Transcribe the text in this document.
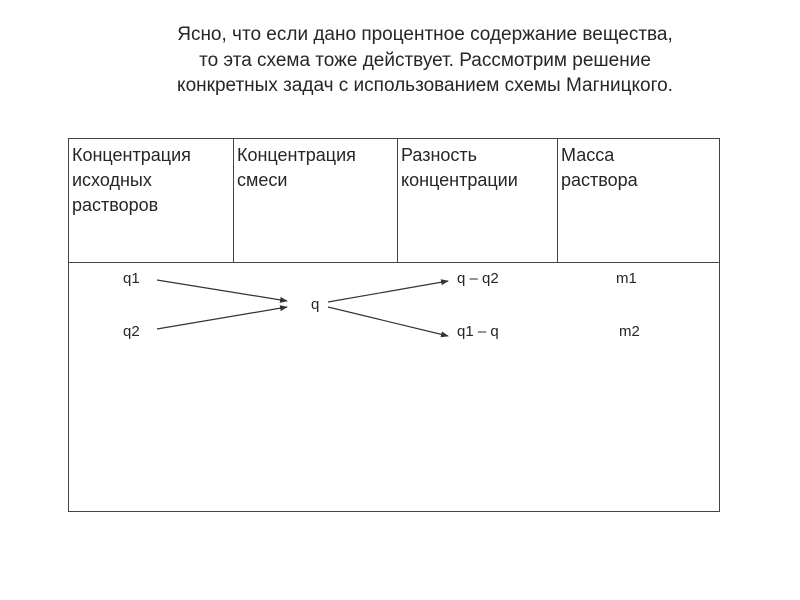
Ясно, что если дано процентное содержание вещества,
то эта схема тоже действует. Рассмотрим решение
конкретных задач с использованием схемы Магницкого.
Концентрация
исходных
растворов
Концентрация
смеси
Разность
концентрации
Масса
раствора
q1
q2
q
q – q2
q1 – q
m1
m2
